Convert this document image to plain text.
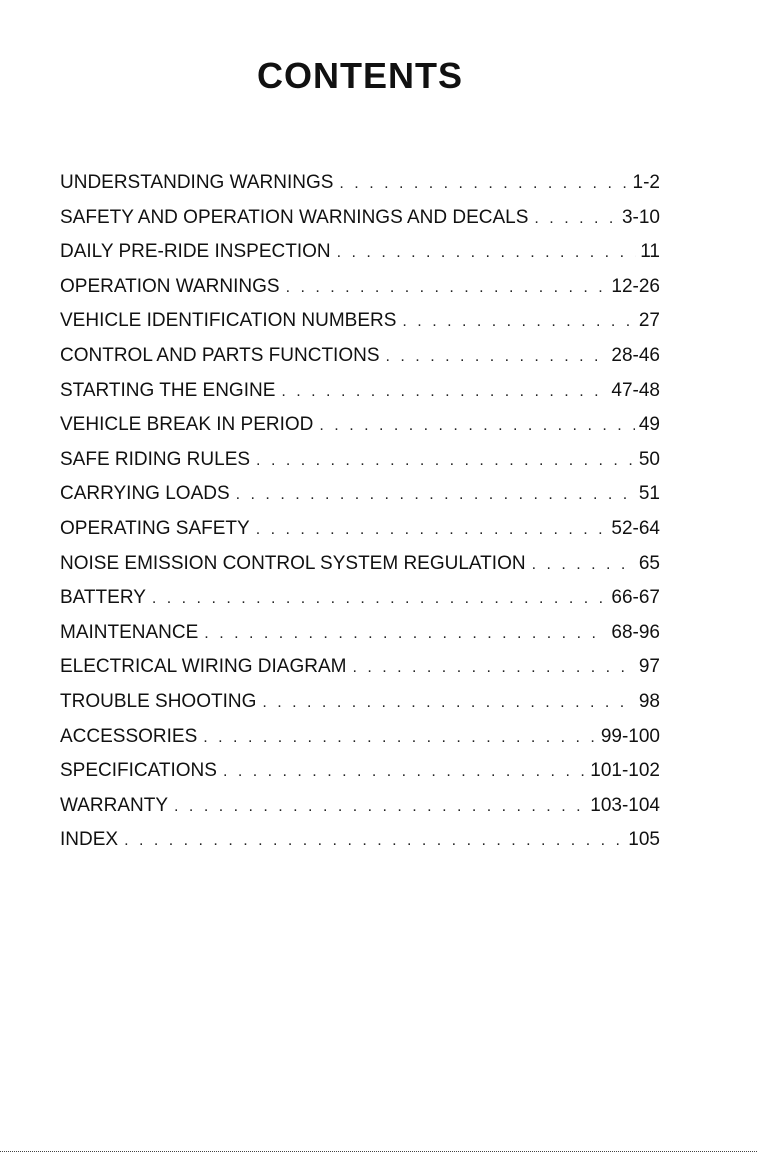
CONTENTS
UNDERSTANDING WARNINGS . . .	1-2
SAFETY AND OPERATION WARNINGS AND DECALS . . .	3-10
DAILY PRE-RIDE INSPECTION . . .	11
OPERATION WARNINGS . . .	12-26
VEHICLE IDENTIFICATION NUMBERS . . .	27
CONTROL AND PARTS FUNCTIONS . . .	28-46
STARTING THE ENGINE . . .	47-48
VEHICLE BREAK IN PERIOD . . .	49
SAFE RIDING RULES . . .	50
CARRYING LOADS . . .	51
OPERATING SAFETY . . .	52-64
NOISE EMISSION CONTROL SYSTEM REGULATION . . .	65
BATTERY . . .	66-67
MAINTENANCE . . .	68-96
ELECTRICAL WIRING DIAGRAM . . .	97
TROUBLE SHOOTING . . .	98
ACCESSORIES . . .	99-100
SPECIFICATIONS . . .	101-102
WARRANTY . . .	103-104
INDEX . . .	105
